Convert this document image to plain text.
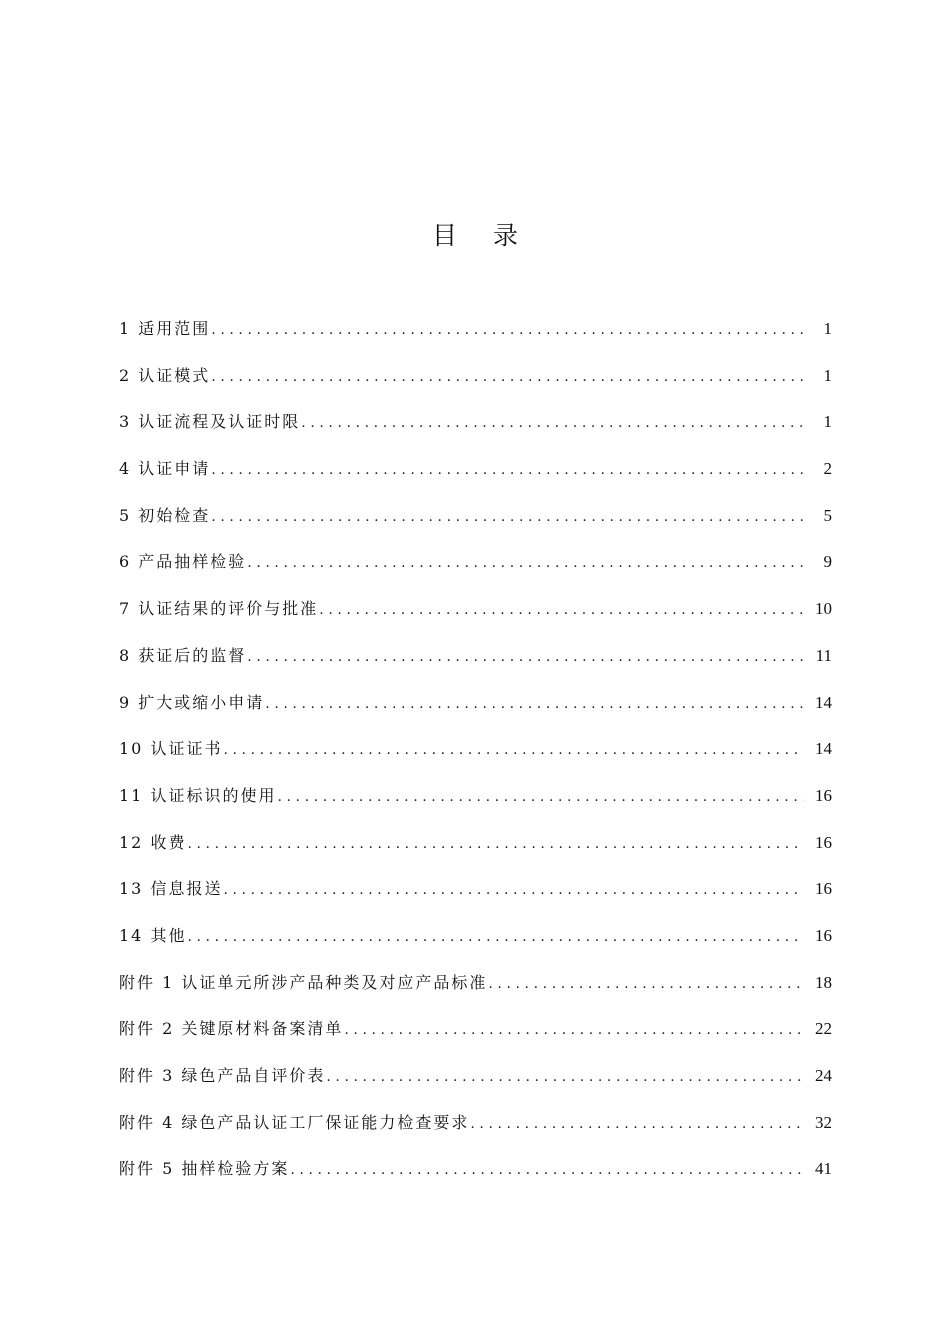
目 录
1 适用范围 .....	1
2 认证模式 .....	1
3 认证流程及认证时限 .....	1
4 认证申请 .....	2
5 初始检查 .....	5
6 产品抽样检验 .....	9
7 认证结果的评价与批准 .....	10
8 获证后的监督 .....	11
9 扩大或缩小申请 .....	14
10 认证证书 .....	14
11 认证标识的使用 .....	16
12 收费 .....	16
13 信息报送 .....	16
14 其他 .....	16
附件 1 认证单元所涉产品种类及对应产品标准 .....	18
附件 2 关键原材料备案清单 .....	22
附件 3 绿色产品自评价表 .....	24
附件 4 绿色产品认证工厂保证能力检查要求 .....	32
附件 5 抽样检验方案 .....	41
